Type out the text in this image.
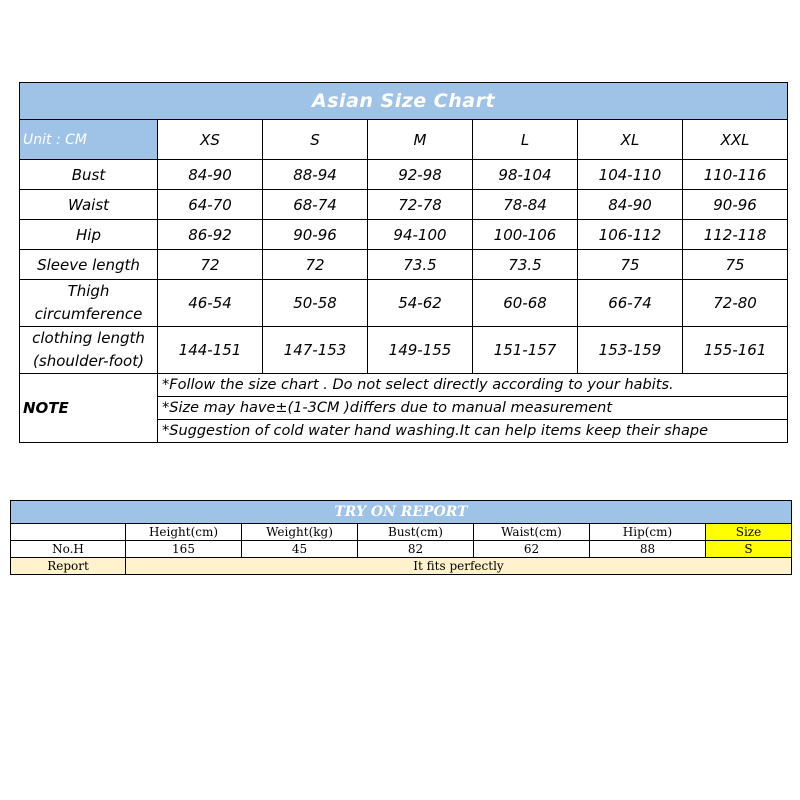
Asian Size Chart						
Unit : CM	XS	S	M	L	XL	XXL
Bust	84-90	88-94	92-98	98-104	104-110	110-116
Waist	64-70	68-74	72-78	78-84	84-90	90-96
Hip	86-92	90-96	94-100	100-106	106-112	112-118
Sleeve length	72	72	73.5	73.5	75	75

Thigh
circumference	46-54	50-58	54-62	60-68	66-74	72-80

clothing length
(shoulder-foot)	144-151	147-153	149-155	151-157	153-159	155-161
NOTE	*Follow the size chart . Do not select directly according to your habits.					
	*Size may have±(1-3CM )differs due to manual measurement					
	*Suggestion of cold water hand washing.It can help items keep their shape					
TRY ON REPORT						
	Height(cm)	Weight(kg)	Bust(cm)	Waist(cm)	Hip(cm)	Size
No.H	165	45	82	62	88	S
Report	It fits perfectly					
